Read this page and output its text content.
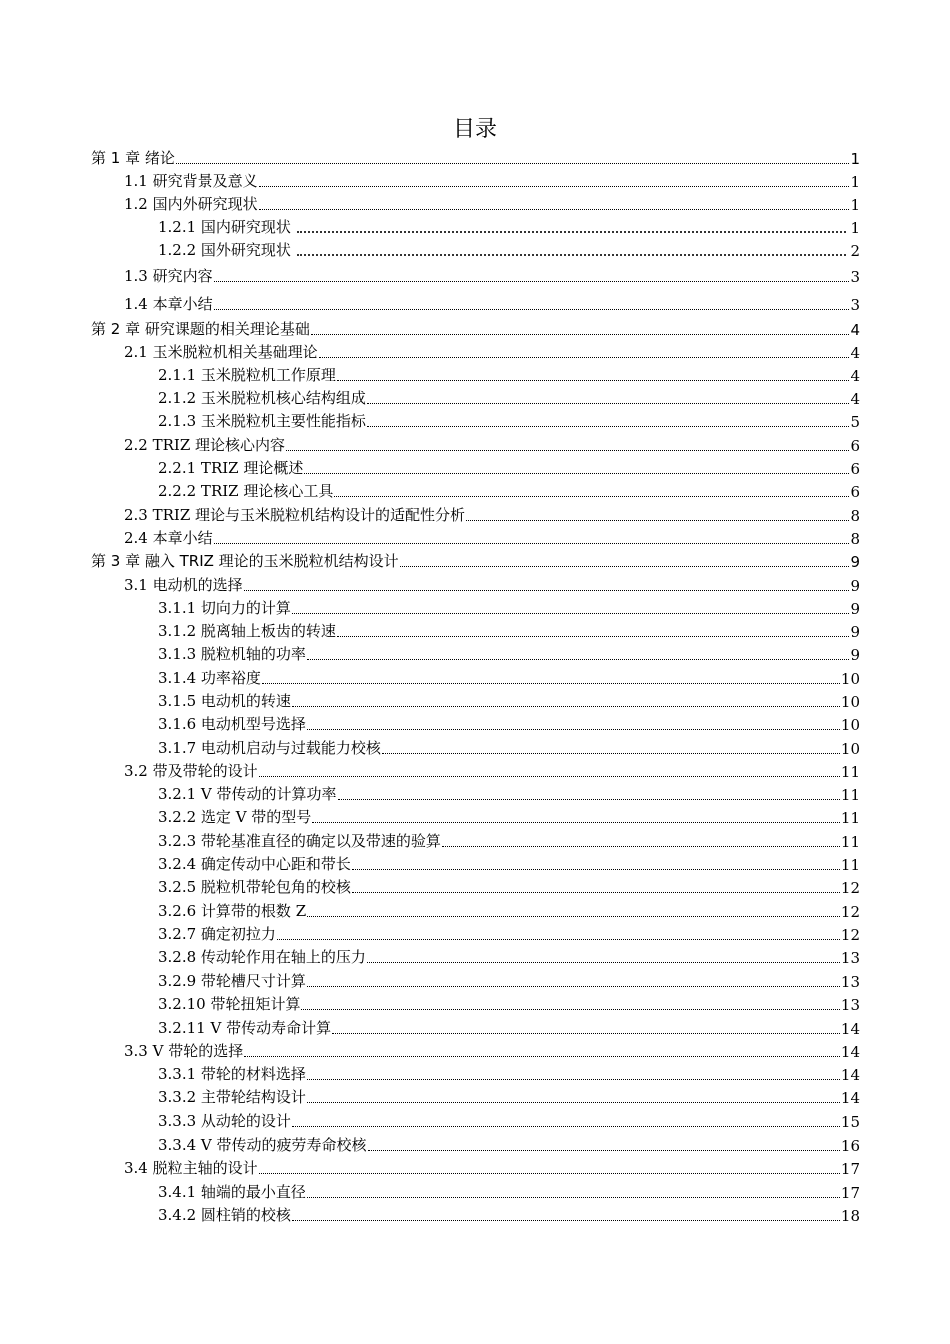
目录
第 1 章 绪论	1
1.1 研究背景及意义	1
1.2 国内外研究现状	1
1.2.1 国内研究现状	1
1.2.2 国外研究现状	2
1.3 研究内容	3
1.4 本章小结	3
第 2 章 研究课题的相关理论基础	4
2.1 玉米脱粒机相关基础理论	4
2.1.1 玉米脱粒机工作原理	4
2.1.2 玉米脱粒机核心结构组成	4
2.1.3 玉米脱粒机主要性能指标	5
2.2 TRIZ 理论核心内容	6
2.2.1 TRIZ 理论概述	6
2.2.2 TRIZ 理论核心工具	6
2.3 TRIZ 理论与玉米脱粒机结构设计的适配性分析	8
2.4 本章小结	8
第 3 章 融入 TRIZ 理论的玉米脱粒机结构设计	9
3.1 电动机的选择	9
3.1.1 切向力的计算	9
3.1.2 脱离轴上板齿的转速	9
3.1.3 脱粒机轴的功率	9
3.1.4 功率裕度	10
3.1.5 电动机的转速	10
3.1.6 电动机型号选择	10
3.1.7 电动机启动与过载能力校核	10
3.2 带及带轮的设计	11
3.2.1 V 带传动的计算功率	11
3.2.2 选定 V 带的型号	11
3.2.3 带轮基准直径的确定以及带速的验算	11
3.2.4 确定传动中心距和带长	11
3.2.5 脱粒机带轮包角的校核	12
3.2.6 计算带的根数 Z	12
3.2.7 确定初拉力	12
3.2.8 传动轮作用在轴上的压力	13
3.2.9 带轮槽尺寸计算	13
3.2.10 带轮扭矩计算	13
3.2.11 V 带传动寿命计算	14
3.3 V 带轮的选择	14
3.3.1 带轮的材料选择	14
3.3.2 主带轮结构设计	14
3.3.3 从动轮的设计	15
3.3.4 V 带传动的疲劳寿命校核	16
3.4 脱粒主轴的设计	17
3.4.1 轴端的最小直径	17
3.4.2 圆柱销的校核	18
